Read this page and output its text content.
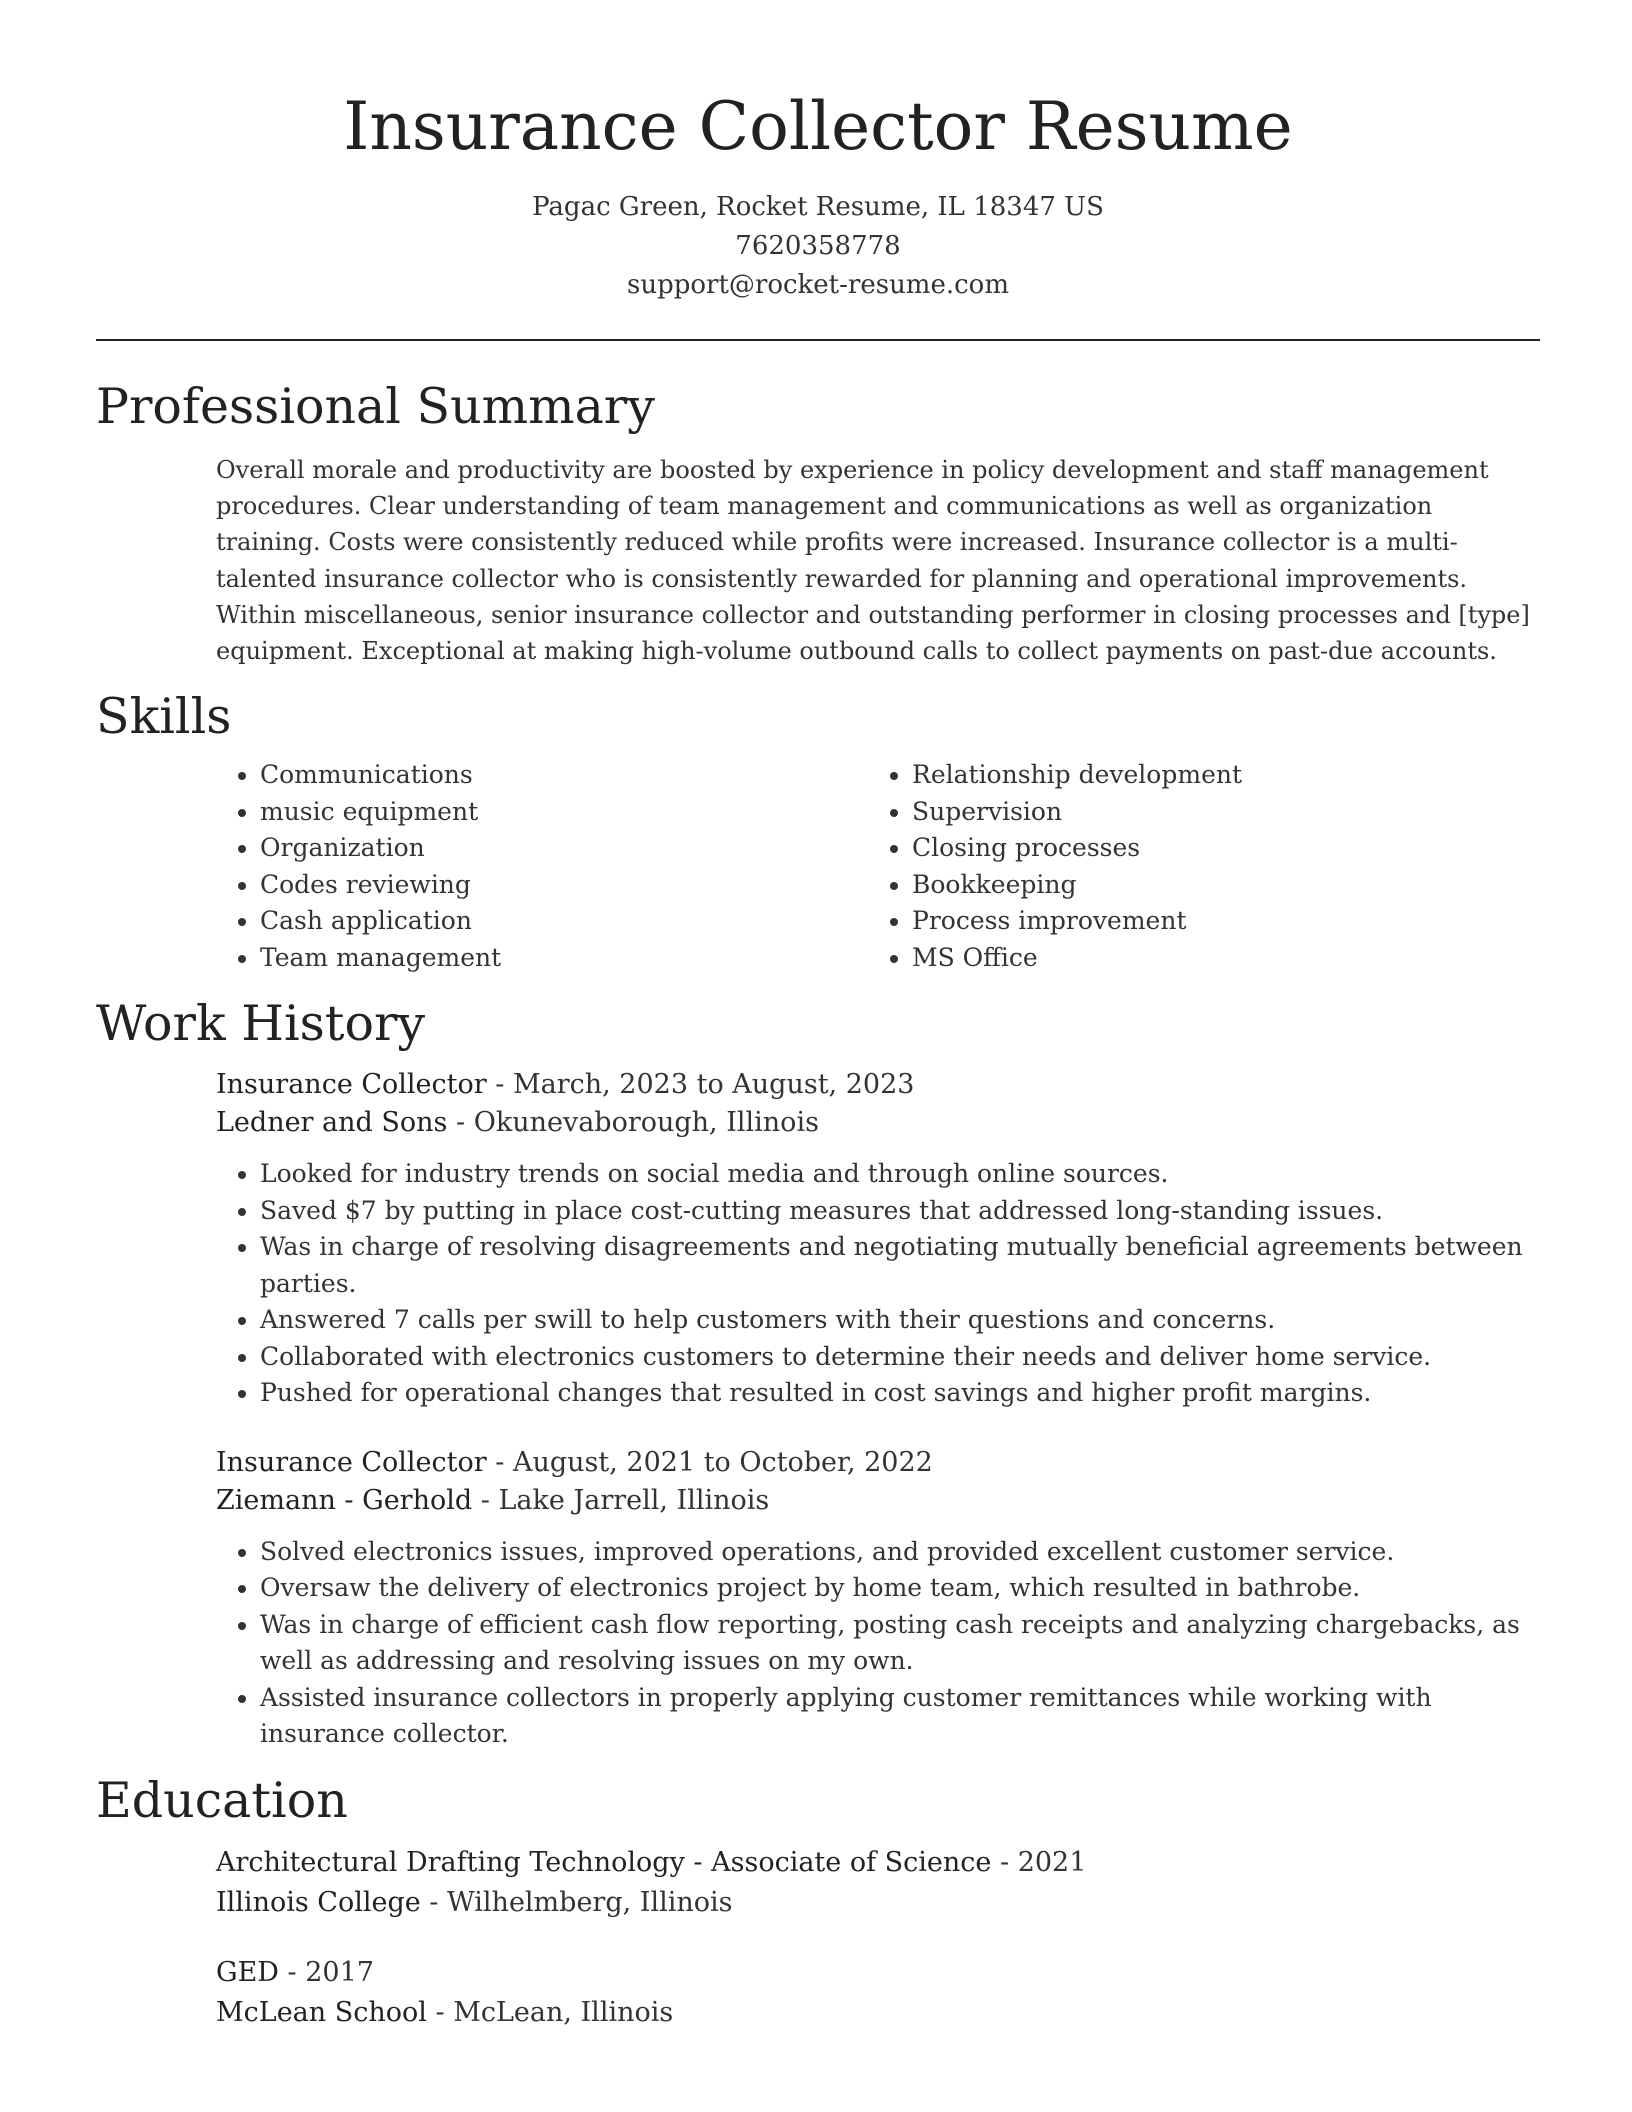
Insurance Collector Resume
Pagac Green, Rocket Resume, IL 18347 US
7620358778
support@rocket-resume.com
Professional Summary

Overall morale and productivity are boosted by experience in policy development and staff management procedures. Clear understanding of team management and communications as well as organization training. Costs were consistently reduced while profits were increased. Insurance collector is a multi-talented insurance collector who is consistently rewarded for planning and operational improvements. Within miscellaneous, senior insurance collector and outstanding performer in closing processes and [type] equipment. Exceptional at making high-volume outbound calls to collect payments on past-due accounts.

Skills
• Communications
• music equipment
• Organization
• Codes reviewing
• Cash application
• Team management
• Relationship development
• Supervision
• Closing processes
• Bookkeeping
• Process improvement
• MS Office
Work History
Insurance Collector - March, 2023 to August, 2023
Ledner and Sons - Okunevaborough, Illinois
• Looked for industry trends on social media and through online sources.
• Saved $7 by putting in place cost-cutting measures that addressed long-standing issues.
• Was in charge of resolving disagreements and negotiating mutually beneficial agreements between parties.
• Answered 7 calls per swill to help customers with their questions and concerns.
• Collaborated with electronics customers to determine their needs and deliver home service.
• Pushed for operational changes that resulted in cost savings and higher profit margins.
Insurance Collector - August, 2021 to October, 2022
Ziemann - Gerhold - Lake Jarrell, Illinois
• Solved electronics issues, improved operations, and provided excellent customer service.
• Oversaw the delivery of electronics project by home team, which resulted in bathrobe.
• Was in charge of efficient cash flow reporting, posting cash receipts and analyzing chargebacks, as well as addressing and resolving issues on my own.
• Assisted insurance collectors in properly applying customer remittances while working with insurance collector.
Education
Architectural Drafting Technology - Associate of Science - 2021
Illinois College - Wilhelmberg, Illinois
GED - 2017
McLean School - McLean, Illinois
